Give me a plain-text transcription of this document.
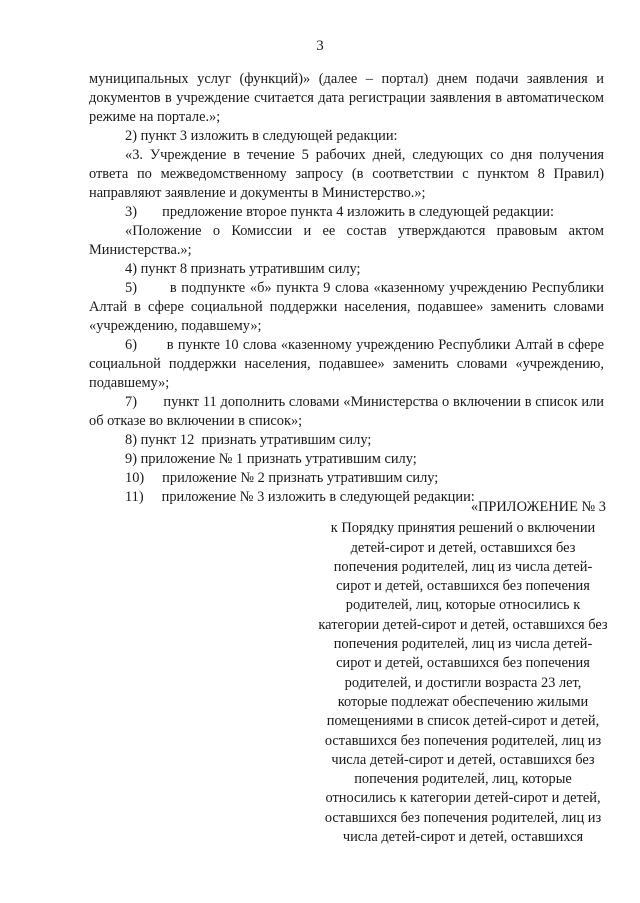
3

муниципальных услуг (функций)» (далее – портал) днем подачи заявления и документов в учреждение считается дата регистрации заявления в автоматическом режиме на портале.»;

2) пункт 3 изложить в следующей редакции:

«3. Учреждение в течение 5 рабочих дней, следующих со дня получения ответа по межведомственному запросу (в соответствии с пунктом 8 Правил) направляют заявление и документы в Министерство.»;

3)       предложение второе пункта 4 изложить в следующей редакции:

«Положение о Комиссии и ее состав утверждаются правовым актом Министерства.»;

4) пункт 8 признать утратившим силу;

5)       в подпункте «б» пункта 9 слова «казенному учреждению Республики Алтай в сфере социальной поддержки населения, подавшее» заменить словами «учреждению, подавшему»;

6)       в пункте 10 слова «казенному учреждению Республики Алтай в сфере социальной поддержки населения, подавшее» заменить словами «учреждению, подавшему»;

7)       пункт 11 дополнить словами «Министерства о включении в список или об отказе во включении в список»;

8) пункт 12  признать утратившим силу;

9) приложение № 1 признать утратившим силу;

10)     приложение № 2 признать утратившим силу;

11)     приложение № 3 изложить в следующей редакции:

«ПРИЛОЖЕНИЕ № 3

к Порядку принятия решений о включении детей-сирот и детей, оставшихся без попечения родителей, лиц из числа детей-сирот и детей, оставшихся без попечения родителей, лиц, которые относились к категории детей-сирот и детей, оставшихся без попечения родителей, лиц из числа детей-сирот и детей, оставшихся без попечения родителей, и достигли возраста 23 лет, которые подлежат обеспечению жилыми помещениями в список детей-сирот и детей, оставшихся без попечения родителей, лиц из числа детей-сирот и детей, оставшихся без попечения родителей, лиц, которые относились к категории детей-сирот и детей, оставшихся без попечения родителей, лиц из числа детей-сирот и детей, оставшихся
